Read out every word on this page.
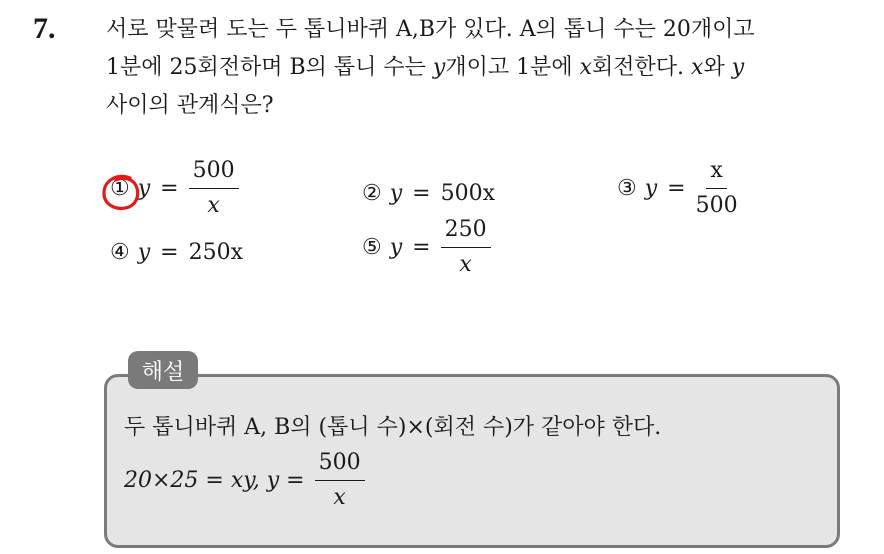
7. 서로 맞물려 도는 두 톱니바퀴 A,B가 있다. A의 톱니 수는 20개이고
1분에 25회전하며 B의 톱니 수는 y개이고 1분에 x회전한다. x와 y
사이의 관계식은?
① $y = \frac{500}{x}$	② y = 500x	③ $y = \frac{x}{500}$
④ y = 250x	⑤ $y = \frac{250}{x}$
해설
두 톱니바퀴 A, B의 (톱니 수)×(회전 수)가 같아야 한다.
20×25 = xy, $y = \frac{500}{x}$
